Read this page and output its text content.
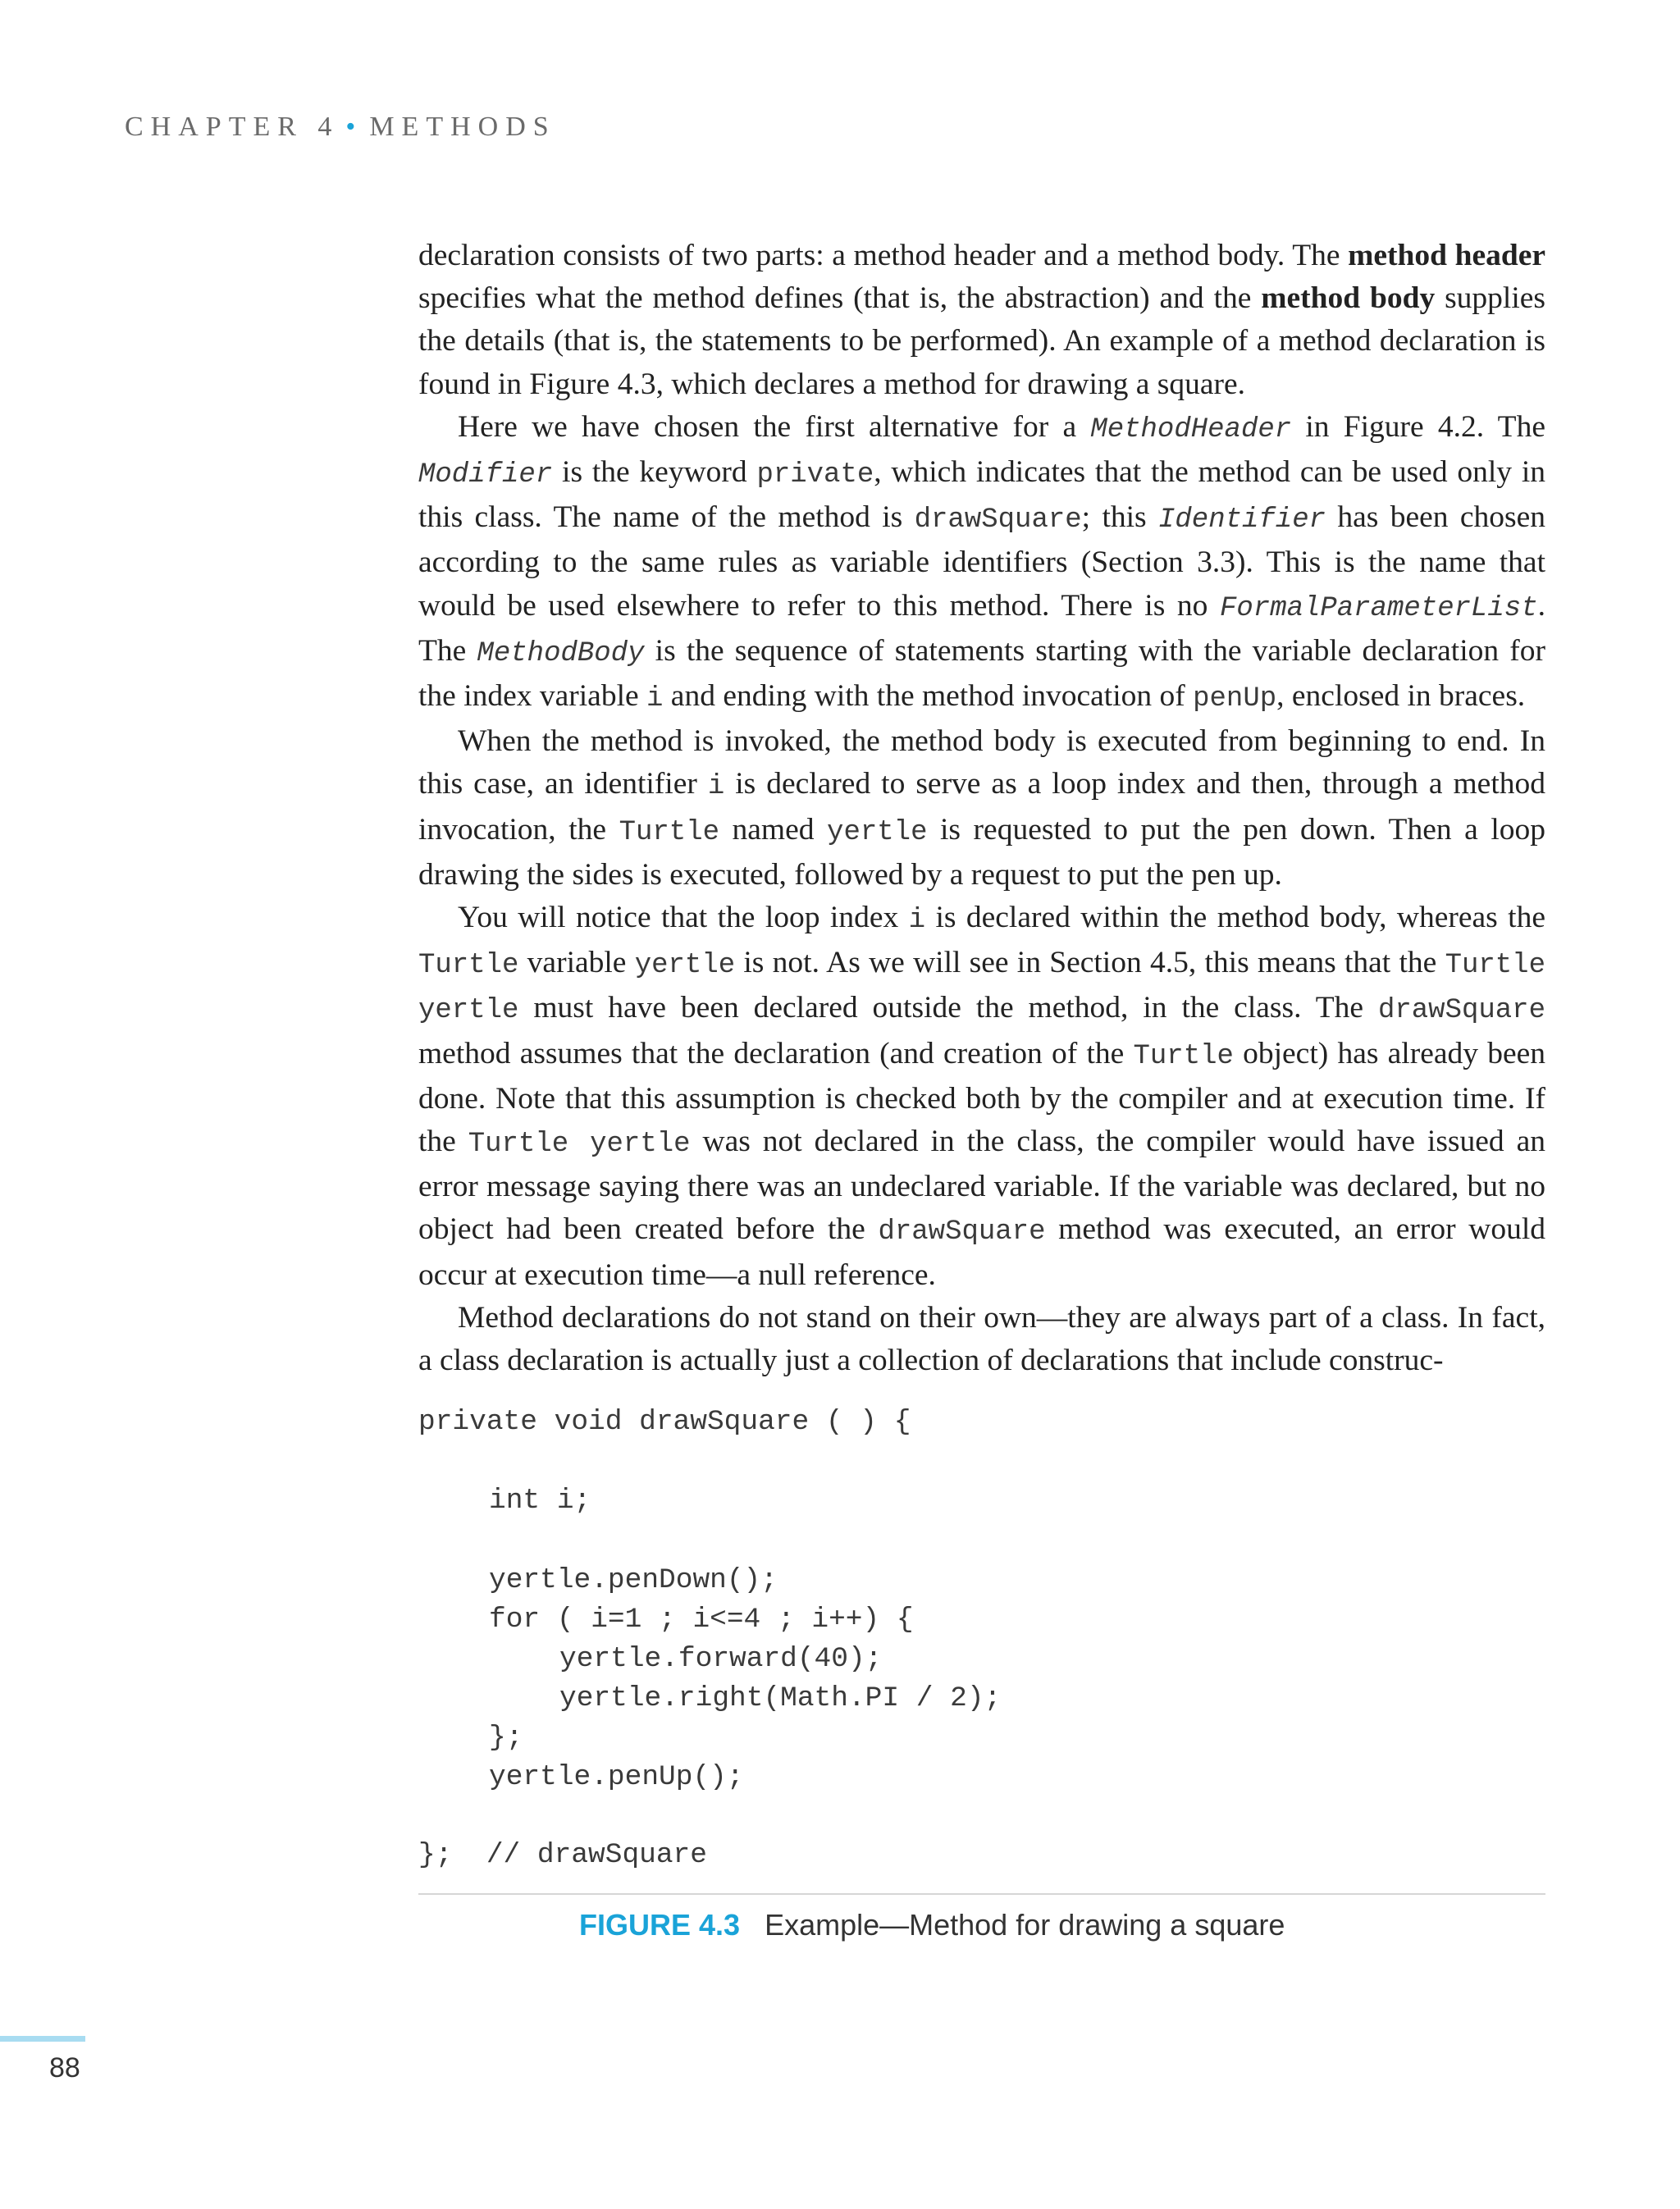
CHAPTER 4 • METHODS

declaration consists of two parts: a method header and a method body. The method header specifies what the method defines (that is, the abstraction) and the method body supplies the details (that is, the statements to be performed). An example of a method declaration is found in Figure 4.3, which declares a method for drawing a square.

Here we have chosen the first alternative for a MethodHeader in Figure 4.2. The Modifier is the keyword private, which indicates that the method can be used only in this class. The name of the method is drawSquare; this Identifier has been chosen according to the same rules as variable identifiers (Section 3.3). This is the name that would be used elsewhere to refer to this method. There is no FormalParameterList. The MethodBody is the sequence of statements starting with the variable declaration for the index variable i and ending with the method invocation of penUp, enclosed in braces.

When the method is invoked, the method body is executed from beginning to end. In this case, an identifier i is declared to serve as a loop index and then, through a method invocation, the Turtle named yertle is requested to put the pen down. Then a loop drawing the sides is executed, followed by a request to put the pen up.

You will notice that the loop index i is declared within the method body, whereas the Turtle variable yertle is not. As we will see in Section 4.5, this means that the Turtle yertle must have been declared outside the method, in the class. The drawSquare method assumes that the declaration (and creation of the Turtle object) has already been done. Note that this assumption is checked both by the compiler and at execution time. If the Turtle yertle was not declared in the class, the compiler would have issued an error message saying there was an undeclared variable. If the variable was declared, but no object had been created before the drawSquare method was executed, an error would occur at execution time—a null reference.

Method declarations do not stand on their own—they are always part of a class. In fact, a class declaration is actually just a collection of declarations that include construc-

private void drawSquare ( ) {
int i;
yertle.penDown();
for ( i=1 ; i<=4 ; i++) {
yertle.forward(40);
yertle.right(Math.PI / 2);
};
yertle.penUp();
};  // drawSquare
FIGURE 4.3 Example—Method for drawing a square
88
